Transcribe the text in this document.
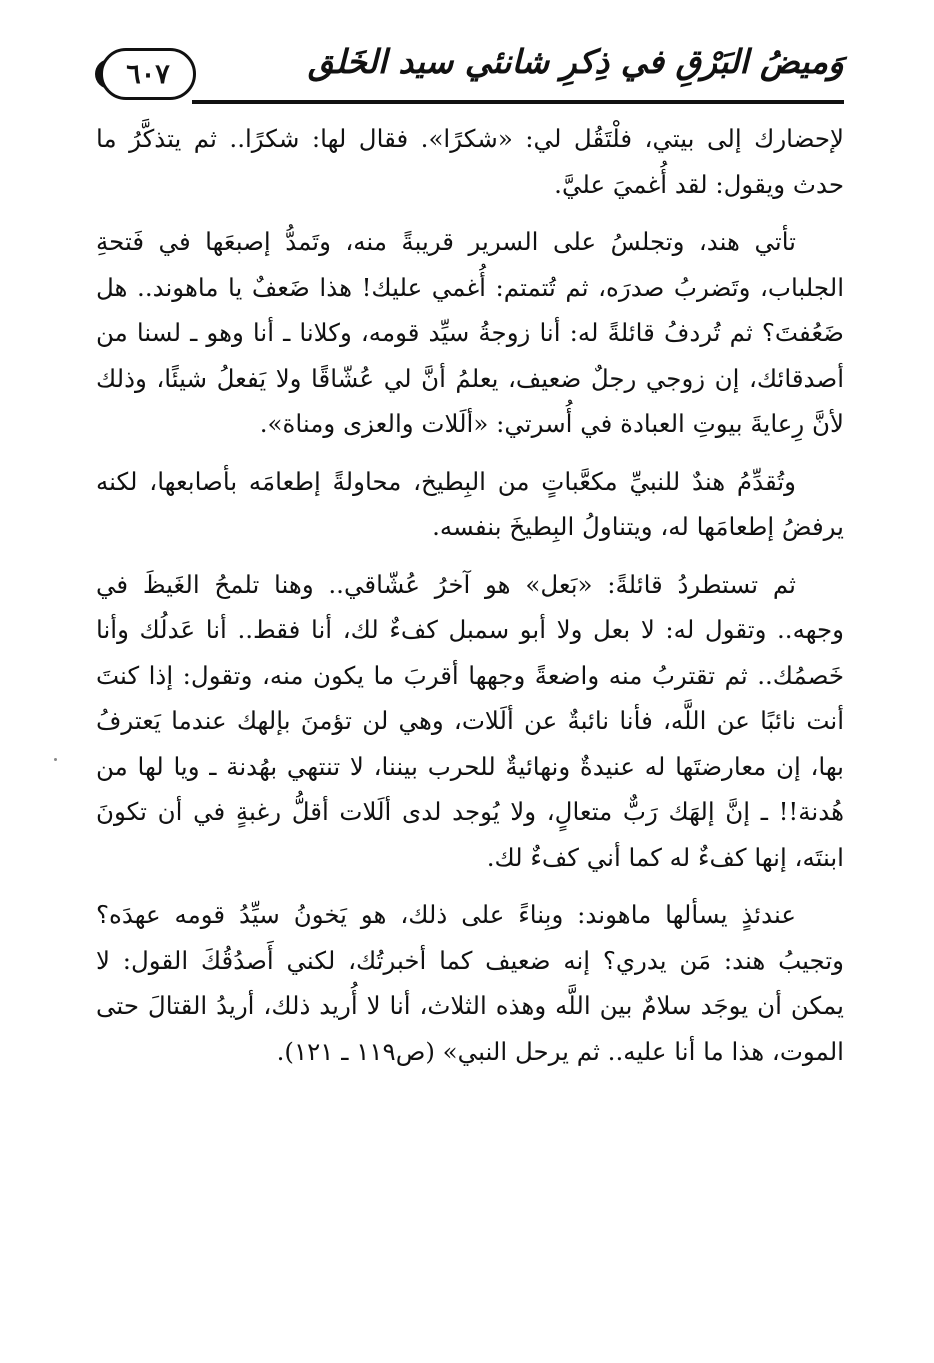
٦٠٧	وَميضُ البَرْقِ في ذِكرِ شانئي سيد الخَلق

لإحضارك إلى بيتي، فلْتَقُل لي: «شكرًا». فقال لها: شكرًا.. ثم يتذكَّرُ ما حدث ويقول: لقد أُغميَ عليَّ.

تأتي هند، وتجلسُ على السرير قريبةً منه، وتَمدُّ إصبعَها في فَتحةِ الجلباب، وتَضربُ صدرَه، ثم تُتمتم: أُغمي عليك! هذا ضَعفٌ يا ماهوند.. هل ضَعُفتَ؟ ثم تُردفُ قائلةً له: أنا زوجةُ سيِّد قومه، وكلانا ـ أنا وهو ـ لسنا من أصدقائك، إن زوجي رجلٌ ضعيف، يعلمُ أنَّ لي عُشّاقًا ولا يَفعلُ شيئًا، وذلك لأنَّ رِعايةَ بيوتِ العبادة في أُسرتي: «ألَلات والعزى ومناة».

وتُقدِّمُ هندٌ للنبيِّ مكعَّباتٍ من البِطيخ، محاولةً إطعامَه بأصابعها، لكنه يرفضُ إطعامَها له، ويتناولُ البِطيخَ بنفسه.

ثم تستطردُ قائلةً: «بَعل» هو آخرُ عُشّاقي.. وهنا تلمحُ الغَيظَ في وجهه.. وتقول له: لا بعل ولا أبو سمبل كفءٌ لك، أنا فقط.. أنا عَدلُك وأنا خَصمُك.. ثم تقتربُ منه واضعةً وجهها أقربَ ما يكون منه، وتقول: إذا كنتَ أنت نائبًا عن اللَّه، فأنا نائبةٌ عن ألَلات، وهي لن تؤمنَ بإلهك عندما يَعترفُ بها، إن معارضتَها له عنيدةٌ ونهائيةٌ للحرب بيننا، لا تنتهي بهُدنة ـ ويا لها من هُدنة!! ـ إنَّ إلهَك رَبٌّ متعالٍ، ولا يُوجد لدى ألَلات أقلُّ رغبةٍ في أن تكونَ ابنتَه، إنها كفءٌ له كما أني كفءٌ لك.

عندئذٍ يسألها ماهوند: وبِناءً على ذلك، هو يَخونُ سيِّدُ قومه عهدَه؟ وتجيبُ هند: مَن يدري؟ إنه ضعيف كما أخبرتُك، لكني أَصدُقُكَ القول: لا يمكن أن يوجَد سلامٌ بين اللَّه وهذه الثلاث، أنا لا أُريد ذلك، أريدُ القتالَ حتى الموت، هذا ما أنا عليه.. ثم يرحل النبي» (ص١١٩ ـ ١٢١).
